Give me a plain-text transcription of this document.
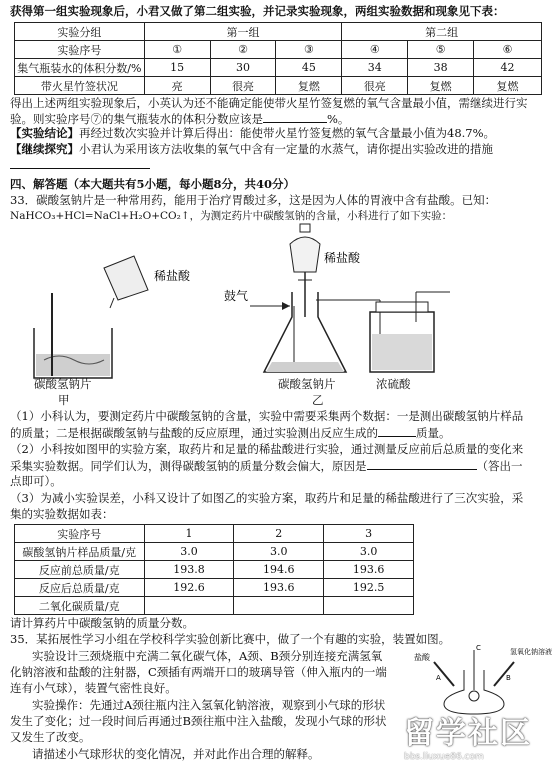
获得第一组实验现象后，小君又做了第二组实验，并记录实验现象，两组实验数据和现象见下表：
实验分组	第一组			第二组		
实验序号	①	②	③	④	⑤	⑥
集气瓶装水的体积分数/%	15	30	45	34	38	42
带火星竹签状况	亮	很亮	复燃	很亮	复燃	复燃
得出上述两组实验现象后，小英认为还不能确定能使带火星竹签复燃的氧气含量最小值，需继续进行实验。则实验序号⑦的集气瓶装水的体积分数应该是	%。
【实验结论】再经过数次实验并计算后得出：能使带火星竹签复燃的氧气含量最小值为48.7%。
【继续探究】小君认为采用该方法收集的氧气中含有一定量的水蒸气，请你提出实验改进的措施
四、解答题（本大题共有5小题，每小题8分，共40分）
33．碳酸氢钠片是一种常用药，能用于治疗胃酸过多，这是因为人体的胃液中含有盐酸。已知：
NaHCO₃+HCl=NaCl+H₂O+CO₂↑，为测定药片中碳酸氢钠的含量，小科进行了如下实验：
稀盐酸
稀盐酸
鼓气
碳酸氢钠片
甲
碳酸氢钠片	浓硫酸
乙
（1）小科认为，要测定药片中碳酸氢钠的含量，实验中需要采集两个数据：一是测出碳酸氢钠片样品
的质量；二是根据碳酸氢钠与盐酸的反应原理，通过实验测出反应生成的	质量。
（2）小科按如图甲的实验方案，取药片和足量的稀盐酸进行实验，通过测量反应前后总质量的变化来
采集实验数据。同学们认为，测得碳酸氢钠的质量分数会偏大，原因是	（答出一
点即可）。
（3）为减小实验误差，小科又设计了如图乙的实验方案，取药片和足量的稀盐酸进行了三次实验，采
集的实验数据如表：
实验序号	1	2	3
碳酸氢钠片样品质量/克	3.0	3.0	3.0
反应前总质量/克	193.8	194.6	193.6
反应后总质量/克	192.6	193.6	192.5
二氧化碳质量/克			
请计算药片中碳酸氢钠的质量分数。
35．某拓展性学习小组在学校科学实验创新比赛中，做了一个有趣的实验，装置如图。
实验设计三颈烧瓶中充满二氧化碳气体，A颈、B颈分别连接充满氢氧
化钠溶液和盐酸的注射器，C颈插有两端开口的玻璃导管（伸入瓶内的一端
连有小气球），装置气密性良好。
实验操作：先通过A颈往瓶内注入氢氧化钠溶液，观察到小气球的形状
发生了变化；过一段时间后再通过B颈往瓶中注入盐酸，发现小气球的形状
又发生了改变。
请描述小气球形状的变化情况，并对此作出合理的解释。
盐酸
氢氧化钠溶液
C
A	B
留学社区
bbs.liuxue86.com
